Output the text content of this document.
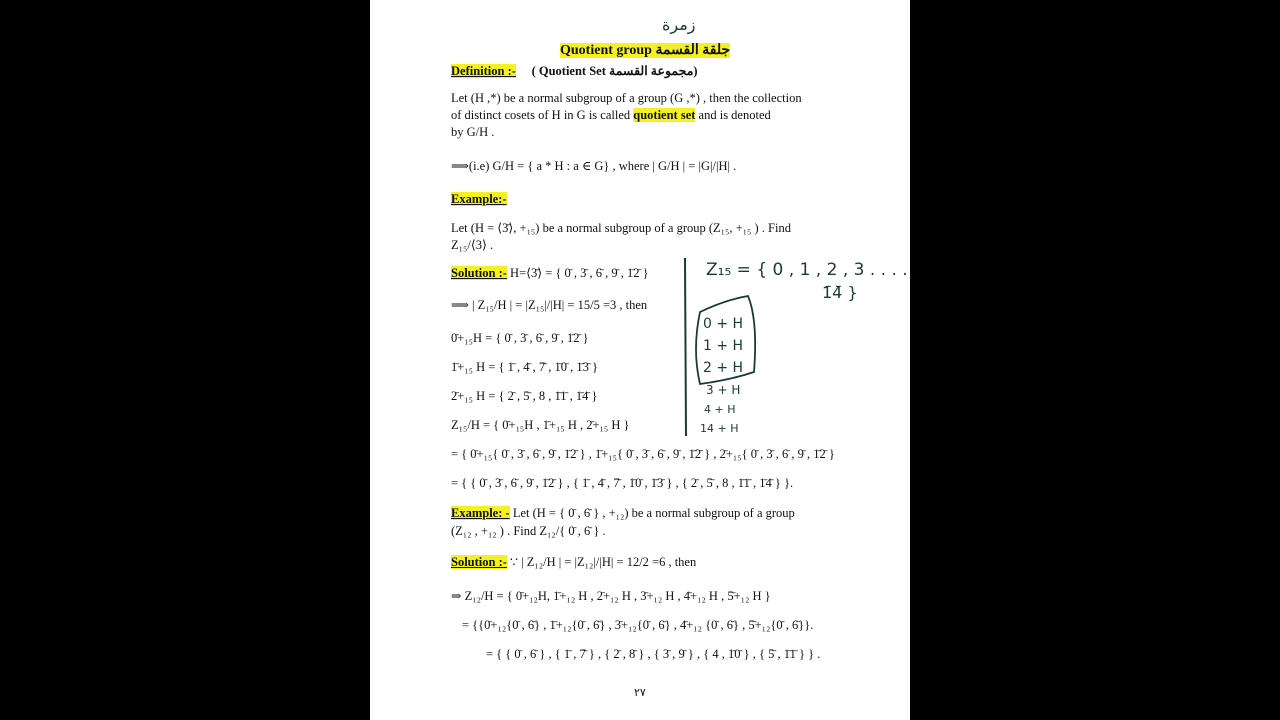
Quotient group جلقة القسمة
Definition :- ( Quotient Set مجموعة القسمة)
Let (H ,*) be a normal subgroup of a group (G ,*) , then the collection
of distinct cosets of H in G is called quotient set and is denoted
by G/H .
⟹(i.e) G/H = { a * H : a ∈ G} , where | G/H | = |G|/|H| .
Example:-
Let (H = ⟨3̄⟩, +₁₅) be a normal subgroup of a group (Z₁₅, +₁₅ ) . Find
Z₁₅/⟨3⟩ .
Solution :- H=⟨3̄⟩ = { 0̄ , 3̄ , 6̄ , 9̄ , 1̄2̄ }
⟹ | Z₁₅/H | = |Z₁₅|/|H| = 15/5 =3 , then
0̄+₁₅H = { 0̄ , 3̄ , 6̄ , 9̄ , 1̄2̄ }
1̄+₁₅ H = { 1̄ , 4̄ , 7̄ , 1̄0̄ , 1̄3̄ }
2̄+₁₅ H = { 2̄ , 5̄ , 8 , 1̄1̄ , 1̄4̄ }
Z₁₅/H = { 0̄+₁₅H , 1̄+₁₅ H , 2̄+₁₅ H }
= { 0̄+₁₅{ 0̄ , 3̄ , 6̄ , 9̄ , 1̄2̄ } , 1̄+₁₅{ 0̄ , 3̄ , 6̄ , 9̄ , 1̄2̄ } , 2̄+₁₅{ 0̄ , 3̄ , 6̄ , 9̄ , 1̄2̄ }
= { { 0̄ , 3̄ , 6̄ , 9̄ , 1̄2̄ } , { 1̄ , 4̄ , 7̄ , 1̄0̄ , 1̄3̄ } , { 2̄ , 5̄ , 8 , 1̄1̄ , 1̄4̄ } }.
Example: - Let (H = { 0̄ , 6̄ } , +₁₂) be a normal subgroup of a group
(Z₁₂ , +₁₂ ) . Find Z₁₂/{ 0̄ , 6̄ } .
Solution :- ∵ | Z₁₂/H | = |Z₁₂|/|H| = 12/2 =6 , then
⇒ Z₁₂/H = { 0̄+₁₂H, 1̄+₁₂ H , 2̄+₁₂ H , 3̄+₁₂ H , 4̄+₁₂ H , 5̄+₁₂ H }
= {{0̄+₁₂{0̄ , 6̄} , 1̄+₁₂{0̄ , 6̄} , 3̄+₁₂{0̄ , 6̄} , 4̄+₁₂ {0̄ , 6̄} , 5̄+₁₂{0̄ , 6̄}}.
= { { 0̄ , 6̄ } , { 1̄ , 7̄ } , { 2̄ , 8̄ } , { 3̄ , 9̄ } , { 4 , 1̄0̄ } , { 5̄ , 1̄1̄ } } .
٢٧
زمرة
Z₁₅ = { 0 , 1 , 2 , 3 . . . .
1̄4̄ }
0 + H
1 + H
2 + H
3 + H
4 + H
14 + H
